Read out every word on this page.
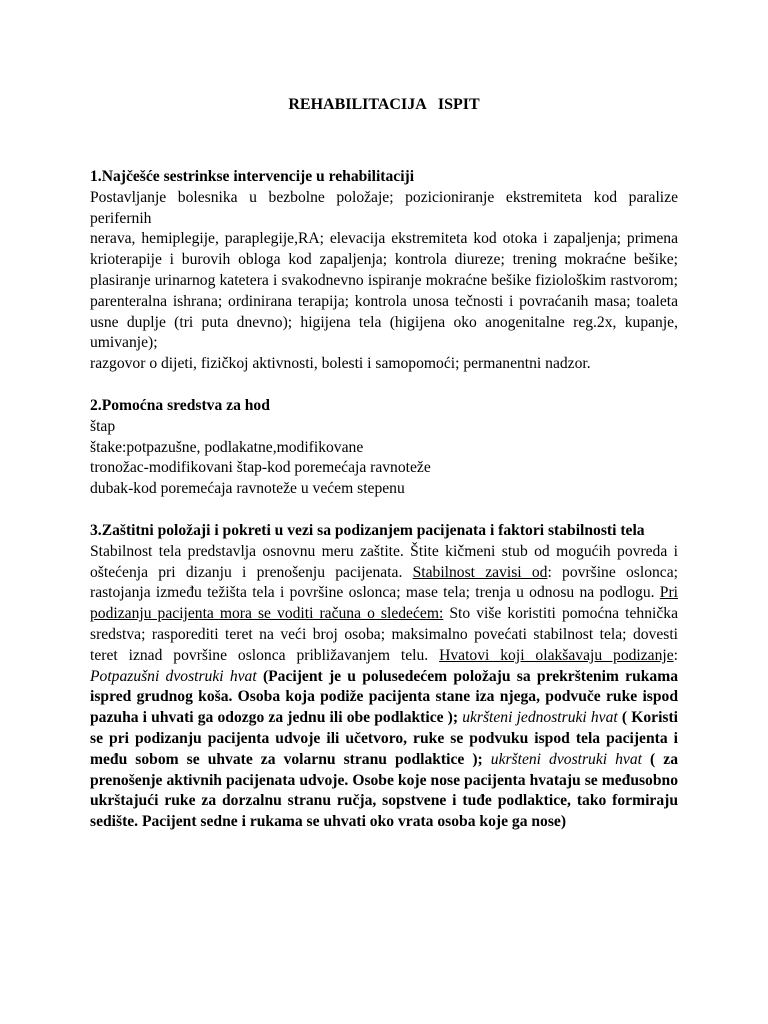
REHABILITACIJA   ISPIT
1.Najčešće sestrinkse intervencije u rehabilitaciji

Postavljanje bolesnika u bezbolne položaje; pozicioniranje ekstremiteta kod paralize perifernih

nerava, hemiplegije, paraplegije,RA; elevacija ekstremiteta kod otoka i zapaljenja; primena krioterapije i burovih obloga kod zapaljenja; kontrola diureze; trening mokraćne bešike; plasiranje urinarnog katetera i svakodnevno ispiranje mokraćne bešike fiziološkim rastvorom; parenteralna ishrana; ordinirana terapija; kontrola unosa tečnosti i povraćanih masa; toaleta usne duplje (tri puta dnevno); higijena tela (higijena oko anogenitalne reg.2x, kupanje, umivanje);

razgovor o dijeti, fizičkoj aktivnosti, bolesti i samopomoći; permanentni nadzor.

2.Pomoćna sredstva za hod
štap
štake:potpazušne, podlakatne,modifikovane
tronožac-modifikovani štap-kod poremećaja ravnoteže
dubak-kod poremećaja ravnoteže u većem stepenu
3.Zaštitni položaji i pokreti u vezi sa podizanjem pacijenata i faktori stabilnosti tela

Stabilnost tela predstavlja osnovnu meru zaštite. Štite kičmeni stub od mogućih povreda i oštećenja pri dizanju i prenošenju pacijenata. Stabilnost zavisi od: površine oslonca; rastojanja između težišta tela i površine oslonca; mase tela; trenja u odnosu na podlogu. Pri podizanju pacijenta mora se voditi računa o sledećem: Sto više koristiti pomoćna tehnička sredstva; rasporediti teret na veći broj osoba; maksimalno povećati stabilnost tela; dovesti teret iznad površine oslonca približavanjem telu. Hvatovi koji olakšavaju podizanje: Potpazušni dvostruki hvat (Pacijent je u polusedećem položaju sa prekrštenim rukama ispred grudnog koša. Osoba koja podiže pacijenta stane iza njega, podvuče ruke ispod pazuha i uhvati ga odozgo za jednu ili obe podlaktice ); ukršteni jednostruki hvat ( Koristi se pri podizanju pacijenta udvoje ili učetvoro, ruke se podvuku ispod tela pacijenta i među sobom se uhvate za volarnu stranu podlaktice ); ukršteni dvostruki hvat ( za prenošenje aktivnih pacijenata udvoje. Osobe koje nose pacijenta hvataju se međusobno ukrštajući ruke za dorzalnu stranu ručja, sopstvene i tuđe podlaktice, tako formiraju sedište. Pacijent sedne i rukama se uhvati oko vrata osoba koje ga nose)
